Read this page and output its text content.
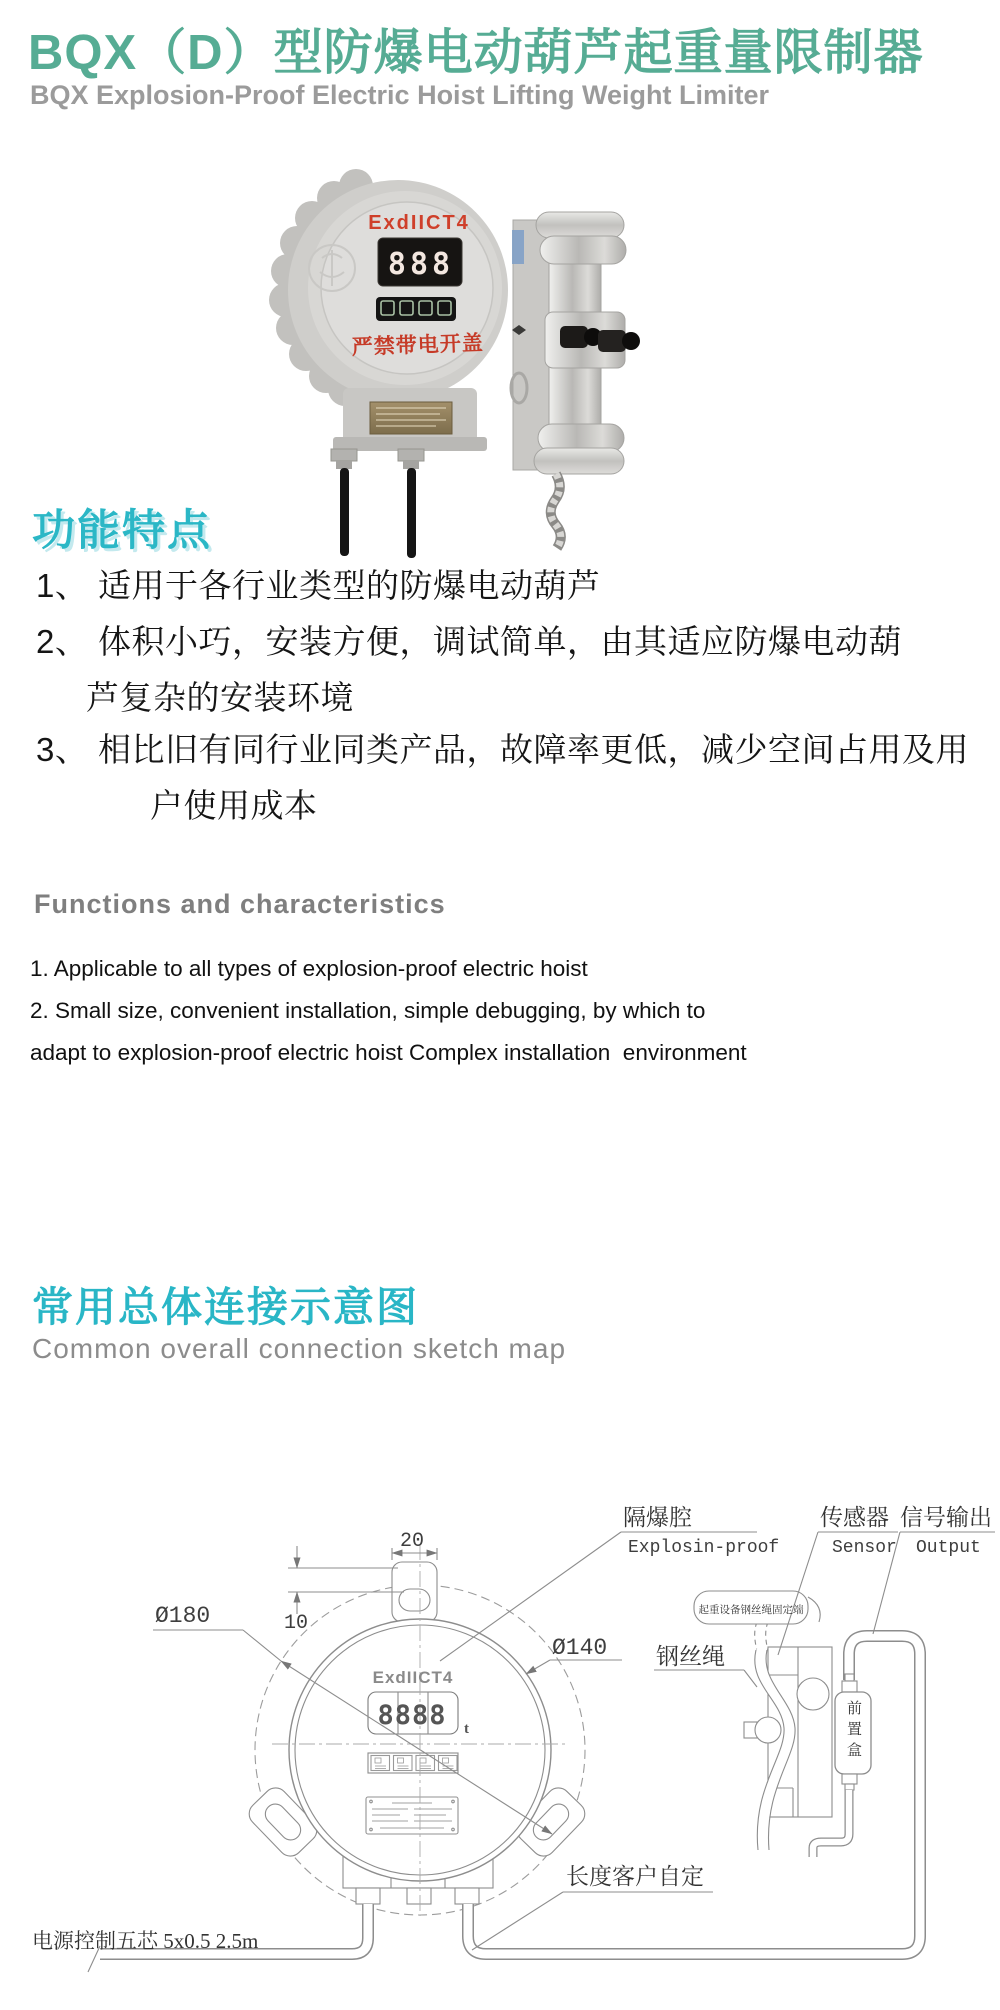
BQX（D）型防爆电动葫芦起重量限制器
BQX Explosion-Proof Electric Hoist Lifting Weight Limiter
ExdIICT4
888
严禁带电开盖
功能特点
1、 适用于各行业类型的防爆电动葫芦
2、 体积小巧，安装方便，调试简单，由其适应防爆电动葫
芦复杂的安装环境
3、 相比旧有同行业同类产品，故障率更低，减少空间占用及用
户使用成本
Functions and characteristics
1. Applicable to all types of explosion-proof electric hoist
2. Small size, convenient installation, simple debugging, by which to
adapt to explosion-proof electric hoist Complex installation  environment
常用总体连接示意图
Common overall connection sketch map
ExdIICT4
8888 t
隔爆腔
Explosin-proof
传感器
Sensor
信号输出
Output
起重设备钢丝绳固定端
钢丝绳
前置盒
长度客户自定
电源控制五芯 5x0.5 2.5m
Ø180
Ø140
20
10
